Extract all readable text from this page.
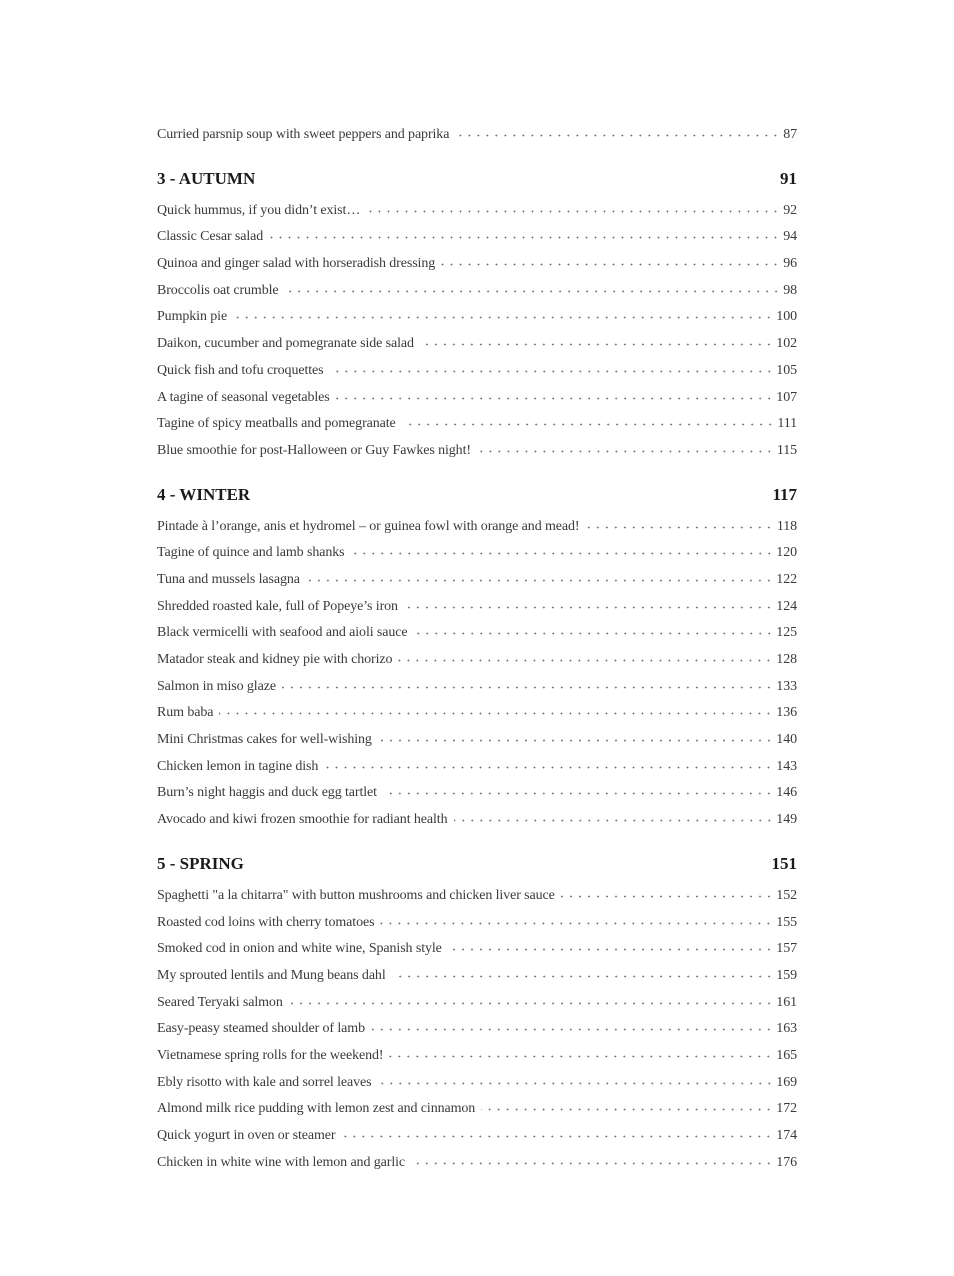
Curried parsnip soup with sweet peppers and paprika	87
3 - AUTUMN	91
Quick hummus, if you didn’t exist…	92
Classic Cesar salad	94
Quinoa and ginger salad with horseradish dressing	96
Broccolis oat crumble	98
Pumpkin pie	100
Daikon, cucumber and pomegranate side salad	102
Quick fish and tofu croquettes	105
A tagine of seasonal vegetables	107
Tagine of spicy meatballs and pomegranate	111
Blue smoothie for post-Halloween or Guy Fawkes night!	115
4 - WINTER	117
Pintade à l’orange, anis et hydromel – or guinea fowl with orange and mead!	118
Tagine of quince and lamb shanks	120
Tuna and mussels lasagna	122
Shredded roasted kale, full of Popeye’s iron	124
Black vermicelli with seafood and aioli sauce	125
Matador steak and kidney pie with chorizo	128
Salmon in miso glaze	133
Rum baba	136
Mini Christmas cakes for well-wishing	140
Chicken lemon in tagine dish	143
Burn’s night haggis and duck egg tartlet	146
Avocado and kiwi frozen smoothie for radiant health	149
5 - SPRING	151
Spaghetti "a la chitarra" with button mushrooms and chicken liver sauce	152
Roasted cod loins with cherry tomatoes	155
Smoked cod in onion and white wine, Spanish style	157
My sprouted lentils and Mung beans dahl	159
Seared Teryaki salmon	161
Easy-peasy steamed shoulder of lamb	163
Vietnamese spring rolls for the weekend!	165
Ebly risotto with kale and sorrel leaves	169
Almond milk rice pudding with lemon zest and cinnamon	172
Quick yogurt in oven or steamer	174
Chicken in white wine with lemon and garlic	176
